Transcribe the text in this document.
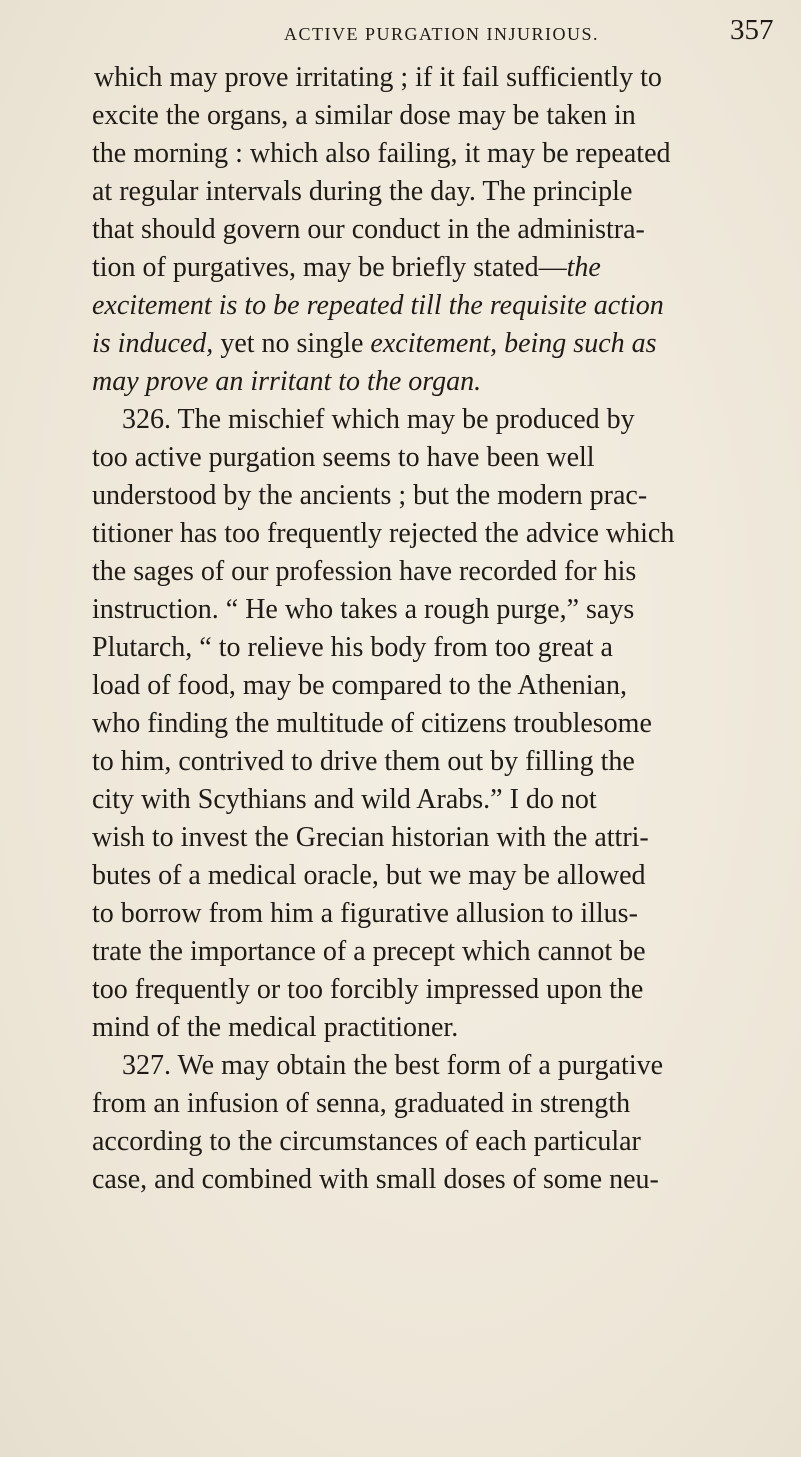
ACTIVE PURGATION INJURIOUS.	357
which may prove irritating ; if it fail sufficiently to
excite the organs, a similar dose may be taken in
the morning : which also failing, it may be repeated
at regular intervals during the day. The principle
that should govern our conduct in the administra-
tion of purgatives, may be briefly stated—the
excitement is to be repeated till the requisite action
is induced, yet no single excitement, being such as
may prove an irritant to the organ.
326. The mischief which may be produced by
too active purgation seems to have been well
understood by the ancients ; but the modern prac-
titioner has too frequently rejected the advice which
the sages of our profession have recorded for his
instruction. “ He who takes a rough purge,” says
Plutarch, “ to relieve his body from too great a
load of food, may be compared to the Athenian,
who finding the multitude of citizens troublesome
to him, contrived to drive them out by filling the
city with Scythians and wild Arabs.” I do not
wish to invest the Grecian historian with the attri-
butes of a medical oracle, but we may be allowed
to borrow from him a figurative allusion to illus-
trate the importance of a precept which cannot be
too frequently or too forcibly impressed upon the
mind of the medical practitioner.
327. We may obtain the best form of a purgative
from an infusion of senna, graduated in strength
according to the circumstances of each particular
case, and combined with small doses of some neu-
